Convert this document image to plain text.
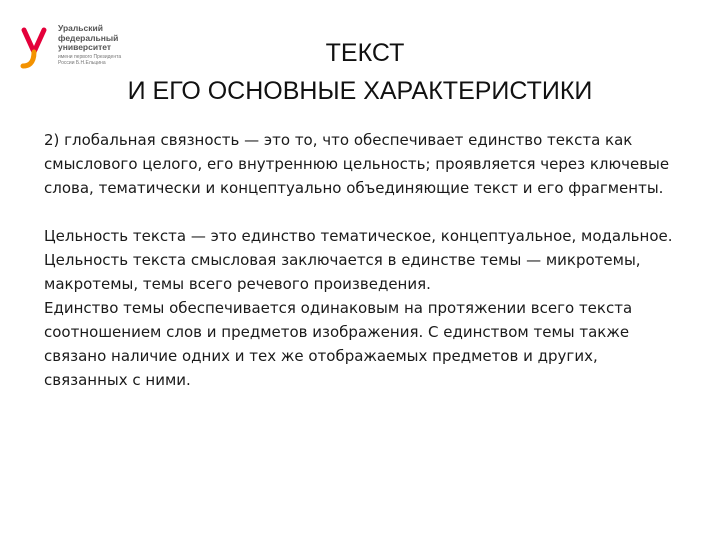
Уральский
федеральный
университет
имени первого Президента России Б.Н.Ельцина	ТЕКСТ
И ЕГО ОСНОВНЫЕ ХАРАКТЕРИСТИКИ

2) глобальная связность — это то, что обеспечивает единство текста как смыслового целого, его внутреннюю цельность; проявляется через ключевые слова, тематически и концептуально объединяющие текст и его фрагменты.

Цельность текста — это единство тематическое, концептуальное, модальное.

Цельность текста смысловая заключается в единстве темы — микротемы, макротемы, темы всего речевого произведения.

Единство темы обеспечивается одинаковым на протяжении всего текста соотношением слов и предметов изображения. С единством темы также связано наличие одних и тех же отображаемых предметов и других, связанных с ними.
